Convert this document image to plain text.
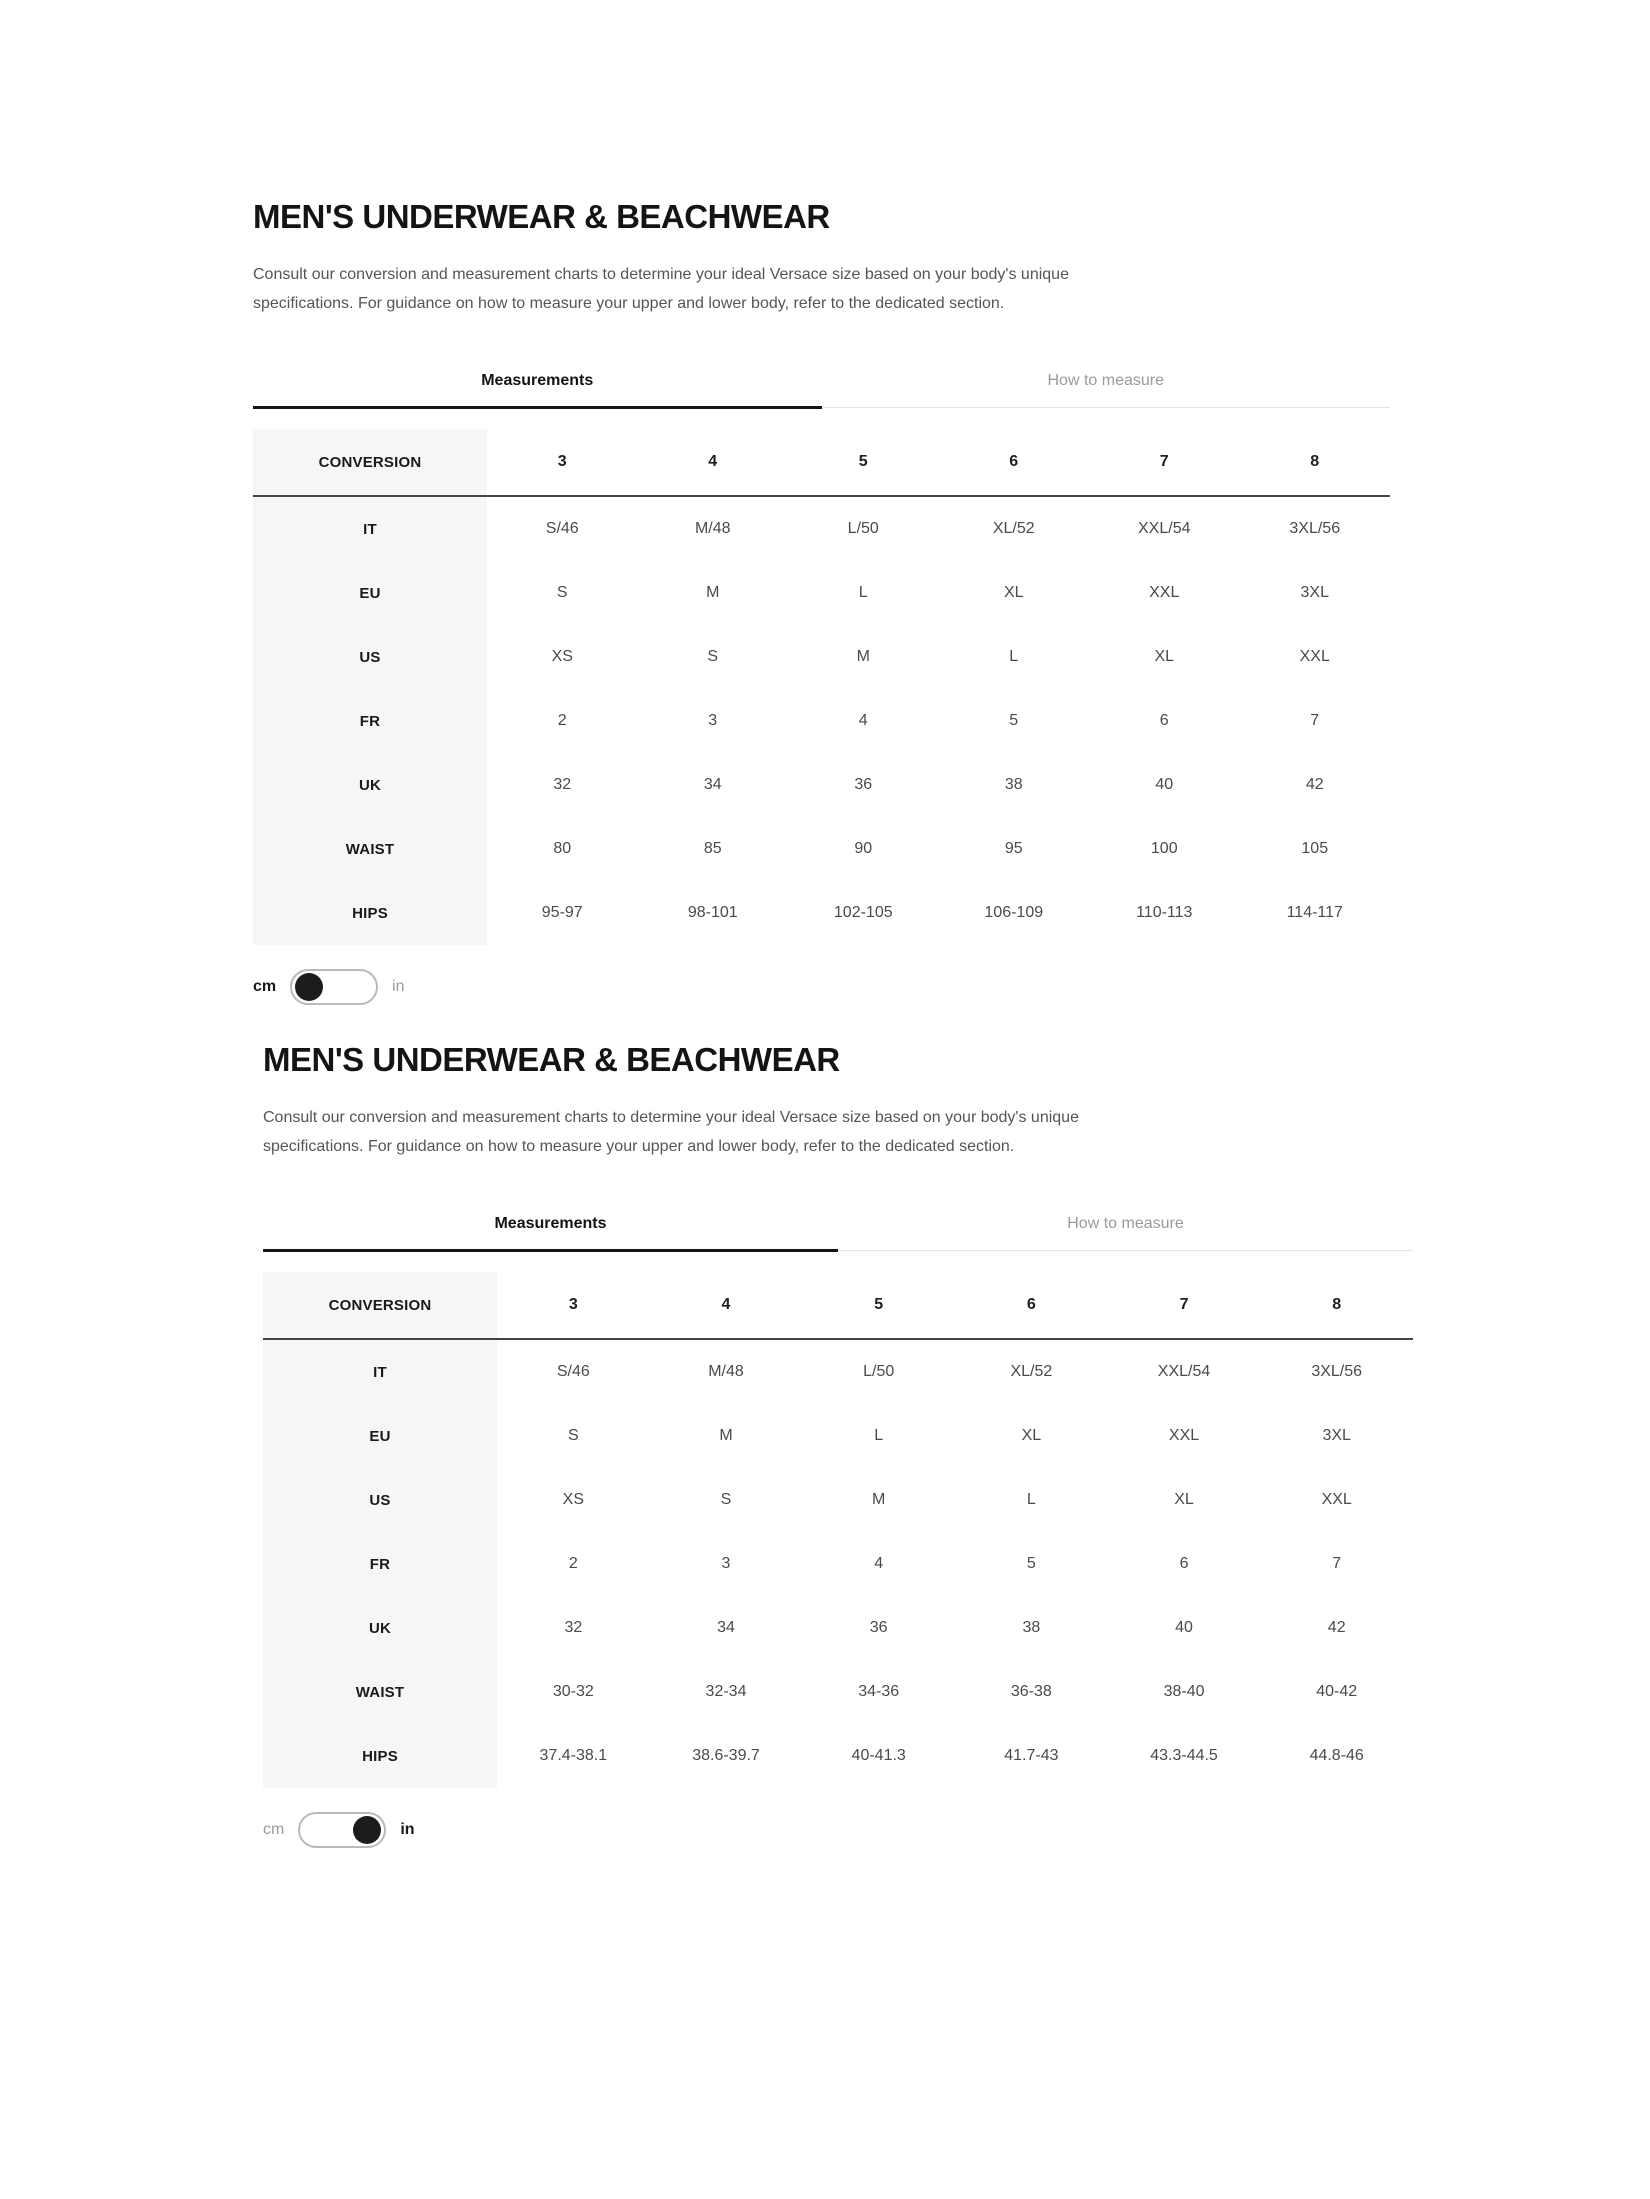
MEN'S UNDERWEAR & BEACHWEAR

Consult our conversion and measurement charts to determine your ideal Versace size based on your body's unique specifications. For guidance on how to measure your upper and lower body, refer to the dedicated section.

Measurements	How to measure
CONVERSION	3	4	5	6	7	8
IT	S/46	M/48	L/50	XL/52	XXL/54	3XL/56
EU	S	M	L	XL	XXL	3XL
US	XS	S	M	L	XL	XXL
FR	2	3	4	5	6	7
UK	32	34	36	38	40	42
WAIST	80	85	90	95	100	105
HIPS	95-97	98-101	102-105	106-109	110-113	114-117
cm	in
MEN'S UNDERWEAR & BEACHWEAR

Consult our conversion and measurement charts to determine your ideal Versace size based on your body's unique specifications. For guidance on how to measure your upper and lower body, refer to the dedicated section.

Measurements	How to measure
CONVERSION	3	4	5	6	7	8
IT	S/46	M/48	L/50	XL/52	XXL/54	3XL/56
EU	S	M	L	XL	XXL	3XL
US	XS	S	M	L	XL	XXL
FR	2	3	4	5	6	7
UK	32	34	36	38	40	42
WAIST	30-32	32-34	34-36	36-38	38-40	40-42
HIPS	37.4-38.1	38.6-39.7	40-41.3	41.7-43	43.3-44.5	44.8-46
cm	in
